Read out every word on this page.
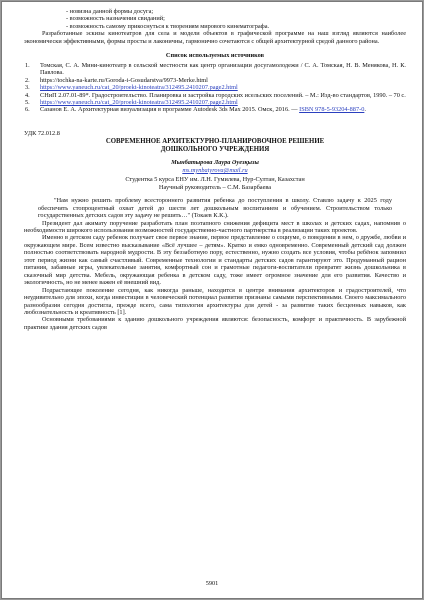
- новизна данной формы досуга;

- возможность назначения свиданий;

- возможность самому прикоснуться к творениям мирового кинематографа.

Разработанные эскизы кинотеатров для села и модели объектов в графической программе на наш взгляд являются наиболее экономически эффективными, формы просты и лаконичны, гармонично сочетаются с общей архитектурной средой данного района.

Список используемых источников

1. Томская, С. А. Мини-кинотеатр в сельской местности как центр организации досугамолодежи / С. А. Томская, Н. В. Менякова, Н. К. Павлова.

2. https://tochka-na-karte.ru/Goroda-i-Gosudarstva/9973-Merke.html

3. https://www.yaneuch.ru/cat_20/proekt-kinoteatra/312495.2410207.page2.html

4. СНиП 2.07.01-89*. Градостроительство. Планировка и застройка городских исельских поселений. – М.: Изд-во стандартов, 1990. – 70 с.

5. https://www.yaneuch.ru/cat_20/proekt-kinoteatra/312495.2410207.page2.html

6. Сазанов Е. А. Архитектурная визуализация в программе Autodesk 3ds Max 2015. Омск, 2016. — ISBN 978-5-93204-887-0.

УДК 72.012.8

СОВРЕМЕННОЕ АРХИТЕКТУРНО-ПЛАНИРОВОЧНОЕ РЕШЕНИЕ
ДОШКОЛЬНОГО УЧРЕЖДЕНИЯ

Мынбатырова Лаура Әуезқызы

ms.mynbatyrova@mail.ru

Студентка 5 курса ЕНУ им. Л.Н. Гумилева, Нур-Султан, Казахстан

Научный руководитель – С.М. Базарбаева

"Нам нужно решить проблему всестороннего развития ребенка до поступления в школу. Ставлю задачу к 2025 году обеспечить стопроцентный охват детей до шести лет дошкольным воспитанием и обучением. Строительством только государственных детских садов эту задачу не решить…" (Токаев К.К.).

Президент дал акимату поручение разработать план поэтапного снижения дефицита мест в школах и детских садах, напомнив о необходимости широкого использования возможностей государственно-частного партнерства в реализации таких проектов.

Именно в детском саду ребенок получает свое первое знание, первое представление о социуме, о поведении в нем, о дружбе, любви и окружающем мире. Всем известно высказывание «Всё лучшее – детям». Кратко и емко одновременно. Современный детский сад должен полностью соответствовать народной мудрости. В эту беззаботную пору, естественно, нужно создать все условия, чтобы ребёнок запомнил этот период жизни как самый счастливый. Современные технологии и стандарты детских садов гарантируют это. Продуманный рацион питания, забавные игры, увлекательные занятия, комфортный сон и грамотные педагоги-воспитатели превратят жизнь дошкольника в сказочный мир детства. Мебель, окружающая ребенка в детском саду, тоже имеет огромное значение для его развития. Качество и экологичность, но не менее важен её внешний вид.

Подрастающее поколение сегодня, как никогда раньше, находится в центре внимания архитекторов и градостроителей, что неудивительно для эпохи, когда инвестиции в человеческий потенциал развития признаны самыми перспективными. Своего максимального разнообразия сегодня достигла, прежде всего, сама типология архитектуры для детей - за развитие таких бесценных навыков, как любознательность и креативность [1].

Основными требованиями к зданию дошкольного учреждения являются: безопасность, комфорт и практичность. В зарубежной практике здания детских садов

5901
